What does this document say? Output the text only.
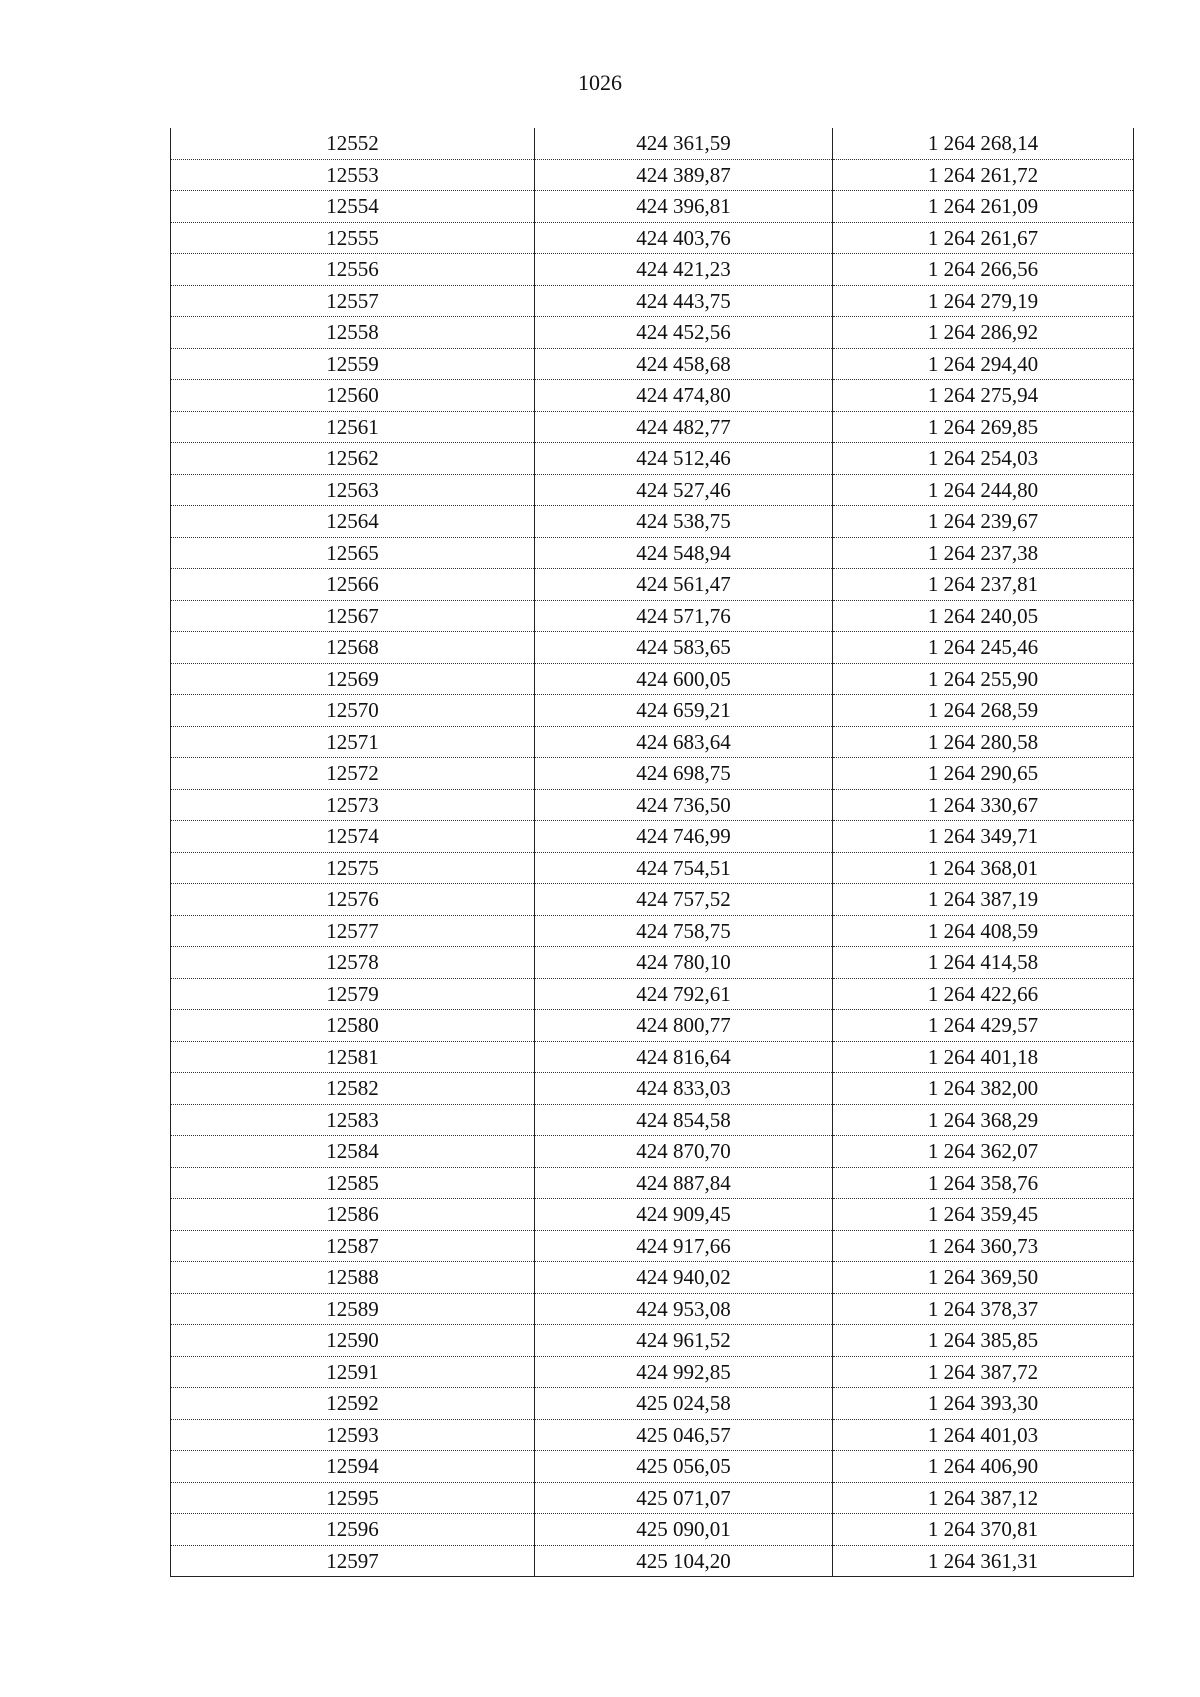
1026
12552	424 361,59	1 264 268,14
12553	424 389,87	1 264 261,72
12554	424 396,81	1 264 261,09
12555	424 403,76	1 264 261,67
12556	424 421,23	1 264 266,56
12557	424 443,75	1 264 279,19
12558	424 452,56	1 264 286,92
12559	424 458,68	1 264 294,40
12560	424 474,80	1 264 275,94
12561	424 482,77	1 264 269,85
12562	424 512,46	1 264 254,03
12563	424 527,46	1 264 244,80
12564	424 538,75	1 264 239,67
12565	424 548,94	1 264 237,38
12566	424 561,47	1 264 237,81
12567	424 571,76	1 264 240,05
12568	424 583,65	1 264 245,46
12569	424 600,05	1 264 255,90
12570	424 659,21	1 264 268,59
12571	424 683,64	1 264 280,58
12572	424 698,75	1 264 290,65
12573	424 736,50	1 264 330,67
12574	424 746,99	1 264 349,71
12575	424 754,51	1 264 368,01
12576	424 757,52	1 264 387,19
12577	424 758,75	1 264 408,59
12578	424 780,10	1 264 414,58
12579	424 792,61	1 264 422,66
12580	424 800,77	1 264 429,57
12581	424 816,64	1 264 401,18
12582	424 833,03	1 264 382,00
12583	424 854,58	1 264 368,29
12584	424 870,70	1 264 362,07
12585	424 887,84	1 264 358,76
12586	424 909,45	1 264 359,45
12587	424 917,66	1 264 360,73
12588	424 940,02	1 264 369,50
12589	424 953,08	1 264 378,37
12590	424 961,52	1 264 385,85
12591	424 992,85	1 264 387,72
12592	425 024,58	1 264 393,30
12593	425 046,57	1 264 401,03
12594	425 056,05	1 264 406,90
12595	425 071,07	1 264 387,12
12596	425 090,01	1 264 370,81
12597	425 104,20	1 264 361,31
